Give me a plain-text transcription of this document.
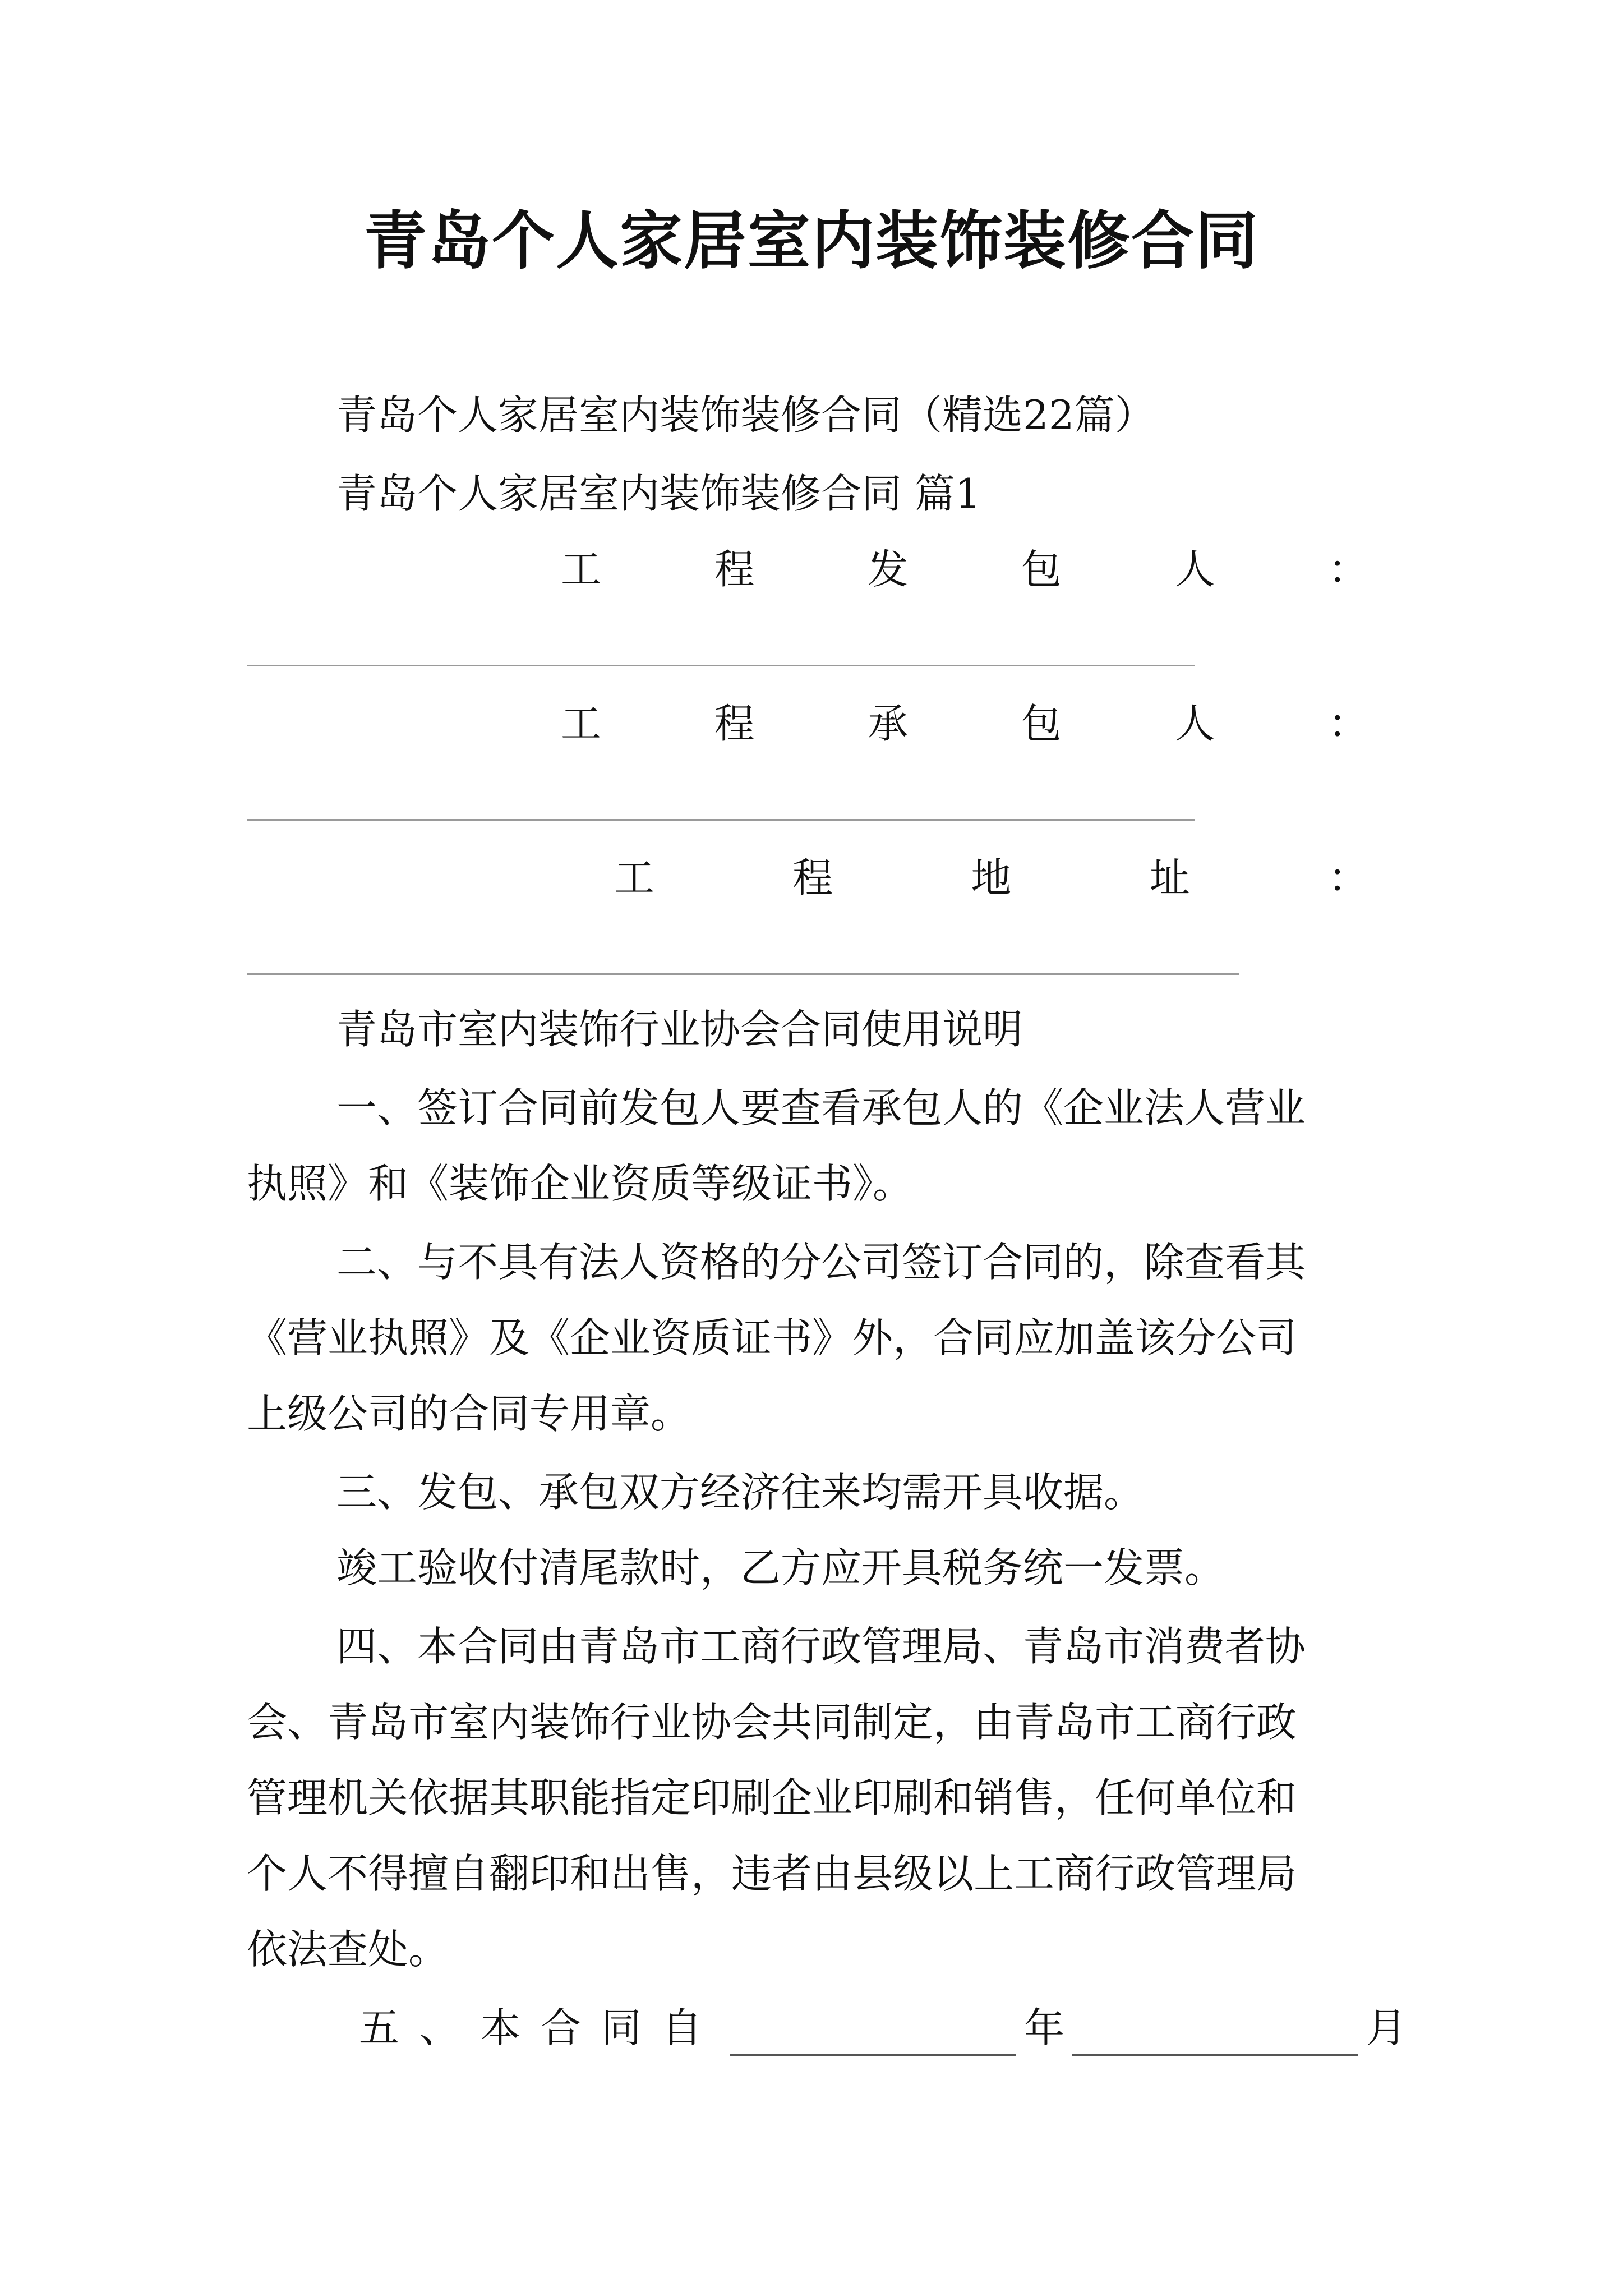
青岛个人家居室内装饰装修合同
青岛个人家居室内装饰装修合同（精选22篇）
青岛个人家居室内装饰装修合同 篇1
工	程	发	包	人	：
工	程	承	包	人	：
工	程	地	址	：
青岛市室内装饰行业协会合同使用说明
一、签订合同前发包人要查看承包人的《企业法人营业
执照》和《装饰企业资质等级证书》。
二、与不具有法人资格的分公司签订合同的，除查看其
《营业执照》及《企业资质证书》外，合同应加盖该分公司
上级公司的合同专用章。
三、发包、承包双方经济往来均需开具收据。
竣工验收付清尾款时，乙方应开具税务统一发票。
四、本合同由青岛市工商行政管理局、青岛市消费者协
会、青岛市室内装饰行业协会共同制定，由青岛市工商行政
管理机关依据其职能指定印刷企业印刷和销售，任何单位和
个人不得擅自翻印和出售，违者由县级以上工商行政管理局
依法查处。
五、本合同自	年	月
